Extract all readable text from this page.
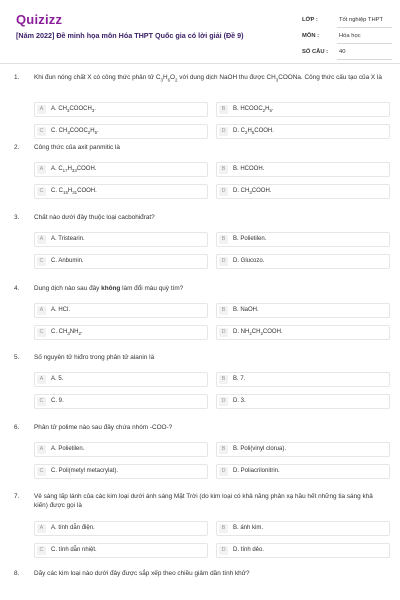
Quizizz
[Năm 2022] Đề minh họa môn Hóa THPT Quốc gia có lời giải (Đề 9)
LỚP :	Tốt nghiệp THPT
MÔN :	Hóa học
SỐ CÂU : 40
1. Khi đun nóng chất X có công thức phân tử $C_3H_6O_2$ với dung dịch NaOH thu được $CH_3COONa$. Công thức cấu tạo của X là
A	A. $CH_3COOCH_3$.	B	B. $HCOOC_2H_5$.
C	C. $CH_3COOC_2H_5$.	D	D. $C_2H_5COOH$.
2. Công thức của axit panmitic là
A	A. $C_{17}H_{33}COOH$.	B	B. HCOOH.
C	C. $C_{15}H_{31}COOH$.	D	D. $CH_3COOH$.
3. Chất nào dưới đây thuộc loại cacbohiđrat?
A	A. Tristearin.	B	B. Polietilen.
C	C. Anbumin.	D	D. Glucozo.
4. Dung dịch nào sau đây không làm đổi màu quỳ tím?
A	A. HCl.	B	B. NaOH.
C	C. $CH_3NH_2$.	D	D. $NH_2CH_2COOH$.
5. Số nguyên tử hiđro trong phân tử alanin là
A	A. 5.	B	B. 7.
C	C. 9.	D	D. 3.
6. Phân tử polime nào sau đây chứa nhóm -COO-?
A	A. Polietilen.	B	B. Poli(vinyl clorua).
C	C. Poli(metyl metacrylat).	D	D. Poliacrilonitrin.
7. Vẻ sáng lấp lánh của các kim loại dưới ánh sáng Mặt Trời (do kim loại có khả năng phản xạ hầu hết những tia sáng khả kiến) được gọi là
A	A. tính dẫn điện.	B	B. ánh kim.
C	C. tính dẫn nhiệt.	D	D. tính dẻo.
8. Dãy các kim loại nào dưới đây được sắp xếp theo chiều giảm dần tính khử?
